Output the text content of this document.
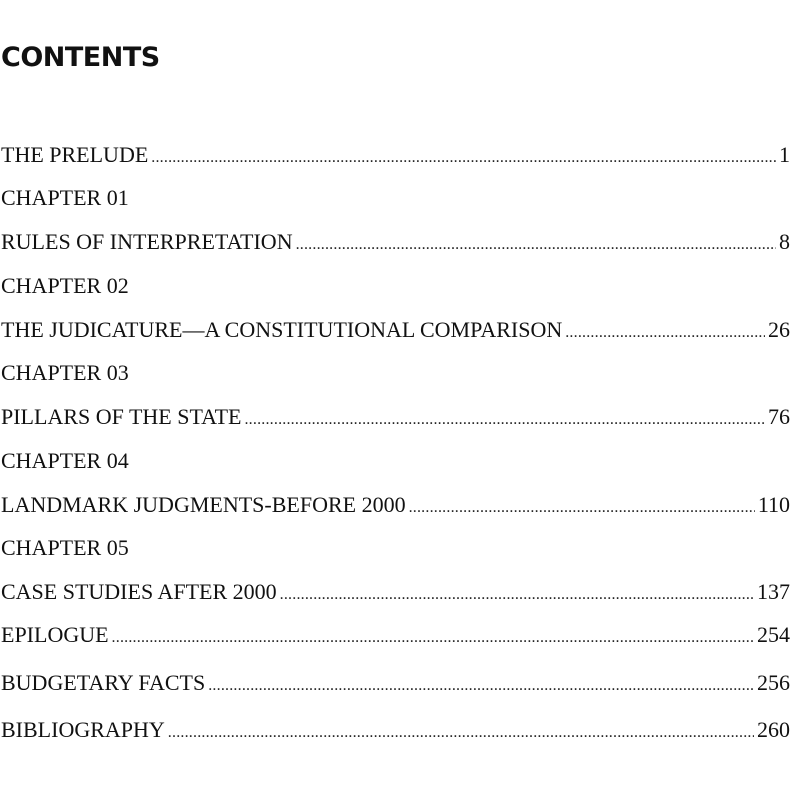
CONTENTS
THE PRELUDE .....	1
CHAPTER 01
RULES OF INTERPRETATION .....	8
CHAPTER 02
THE JUDICATURE—A CONSTITUTIONAL COMPARISON .....	26
CHAPTER 03
PILLARS OF THE STATE .....	76
CHAPTER 04
LANDMARK JUDGMENTS-BEFORE 2000 .....	110
CHAPTER 05
CASE STUDIES AFTER 2000 .....	137
EPILOGUE .....	254
BUDGETARY FACTS .....	256
BIBLIOGRAPHY .....	260
